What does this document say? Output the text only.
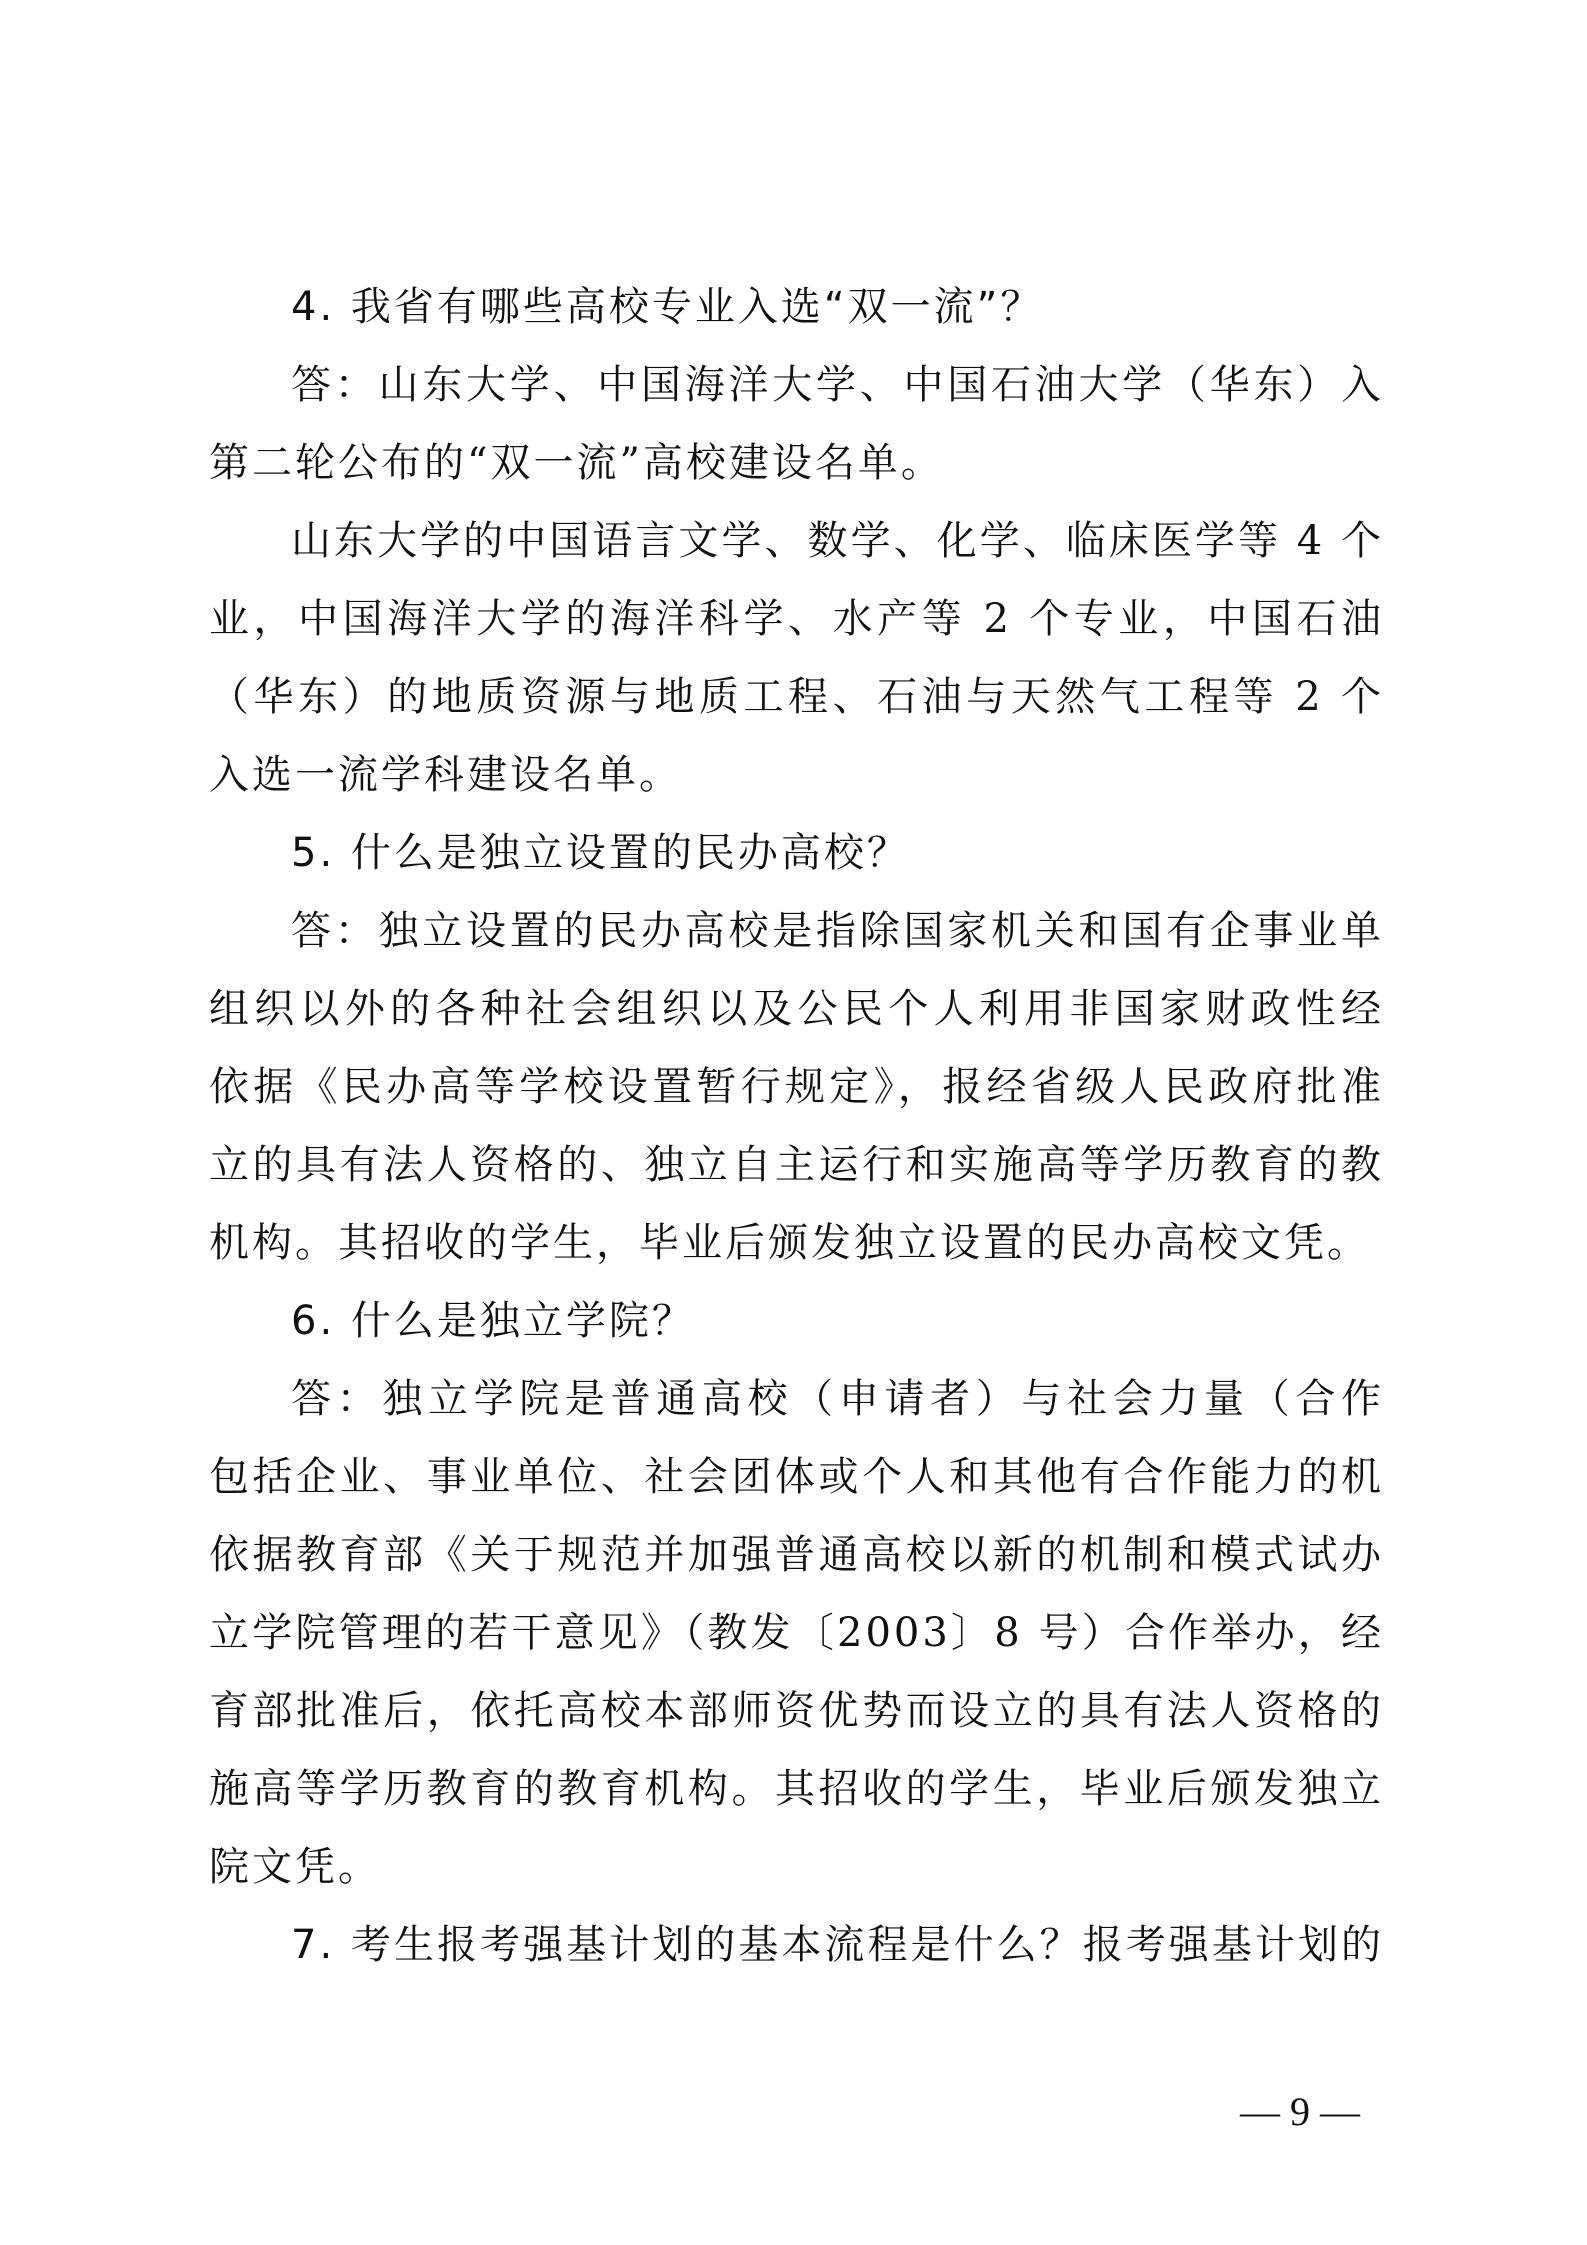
4. 我省有哪些高校专业入选“双一流”？
答：山东大学、中国海洋大学、中国石油大学（华东）入
第二轮公布的“双一流”高校建设名单。
山东大学的中国语言文学、数学、化学、临床医学等 4 个
业，中国海洋大学的海洋科学、水产等 2 个专业，中国石油
（华东）的地质资源与地质工程、石油与天然气工程等 2 个
入选一流学科建设名单。
5. 什么是独立设置的民办高校？
答：独立设置的民办高校是指除国家机关和国有企事业单
组织以外的各种社会组织以及公民个人利用非国家财政性经
依据《民办高等学校设置暂行规定》，报经省级人民政府批准
立的具有法人资格的、独立自主运行和实施高等学历教育的教
机构。其招收的学生，毕业后颁发独立设置的民办高校文凭。
6. 什么是独立学院？
答：独立学院是普通高校（申请者）与社会力量（合作
包括企业、事业单位、社会团体或个人和其他有合作能力的机
依据教育部《关于规范并加强普通高校以新的机制和模式试办
立学院管理的若干意见》（教发〔2003〕8 号）合作举办，经
育部批准后，依托高校本部师资优势而设立的具有法人资格的
施高等学历教育的教育机构。其招收的学生，毕业后颁发独立
院文凭。
7. 考生报考强基计划的基本流程是什么？报考强基计划的
— 9 —
